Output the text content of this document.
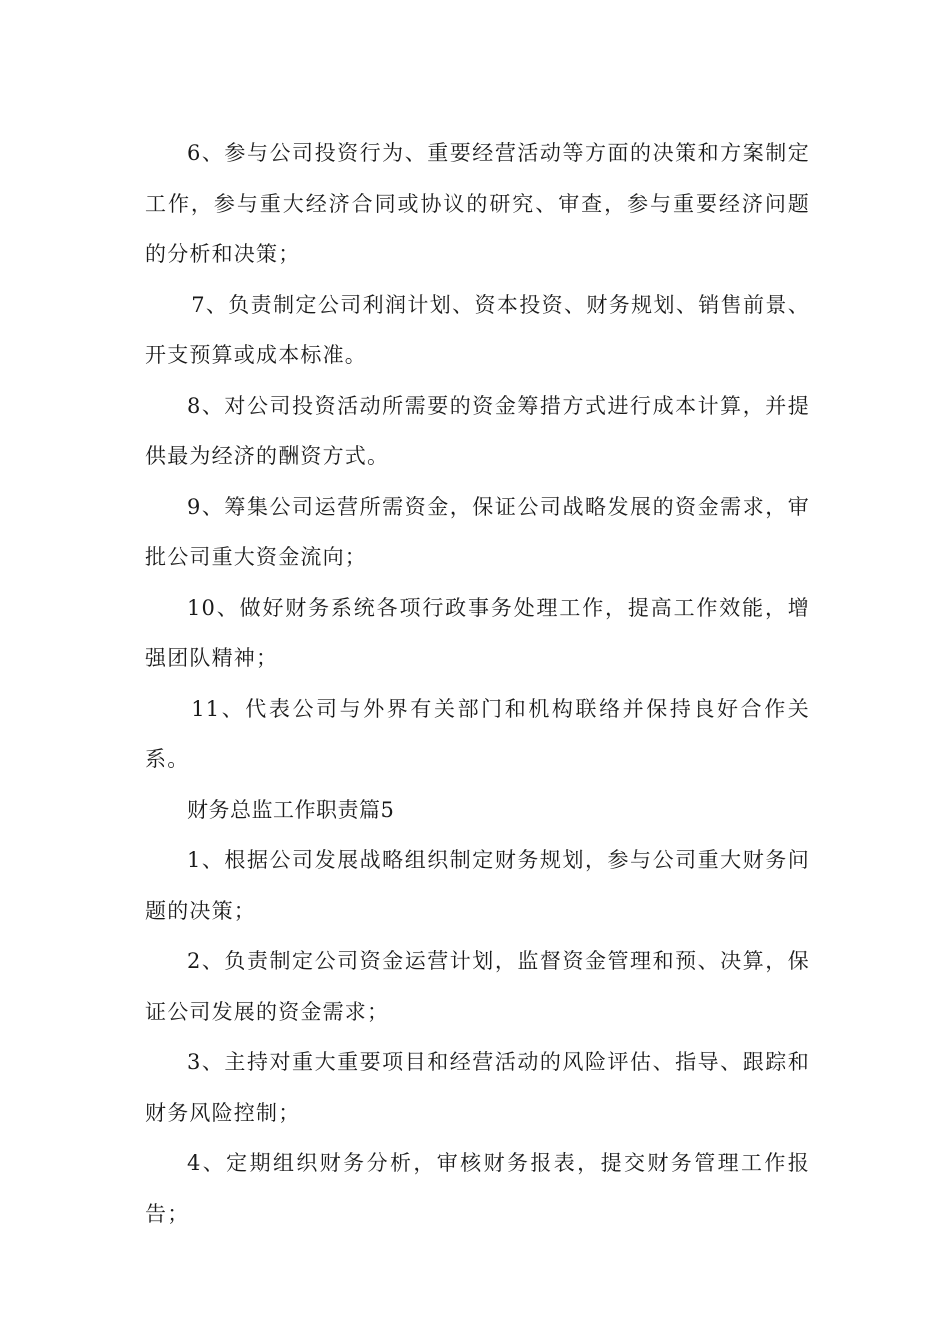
6、参与公司投资行为、重要经营活动等方面的决策和方案制定工作，参与重大经济合同或协议的研究、审查，参与重要经济问题的分析和决策；

7、负责制定公司利润计划、资本投资、财务规划、销售前景、开支预算或成本标准。

8、对公司投资活动所需要的资金筹措方式进行成本计算，并提供最为经济的酬资方式。

9、筹集公司运营所需资金，保证公司战略发展的资金需求，审批公司重大资金流向；

10、做好财务系统各项行政事务处理工作，提高工作效能，增强团队精神；

11、代表公司与外界有关部门和机构联络并保持良好合作关系。

财务总监工作职责篇5

1、根据公司发展战略组织制定财务规划，参与公司重大财务问题的决策；

2、负责制定公司资金运营计划，监督资金管理和预、决算，保证公司发展的资金需求；

3、主持对重大重要项目和经营活动的风险评估、指导、跟踪和财务风险控制；

4、定期组织财务分析，审核财务报表，提交财务管理工作报告；
